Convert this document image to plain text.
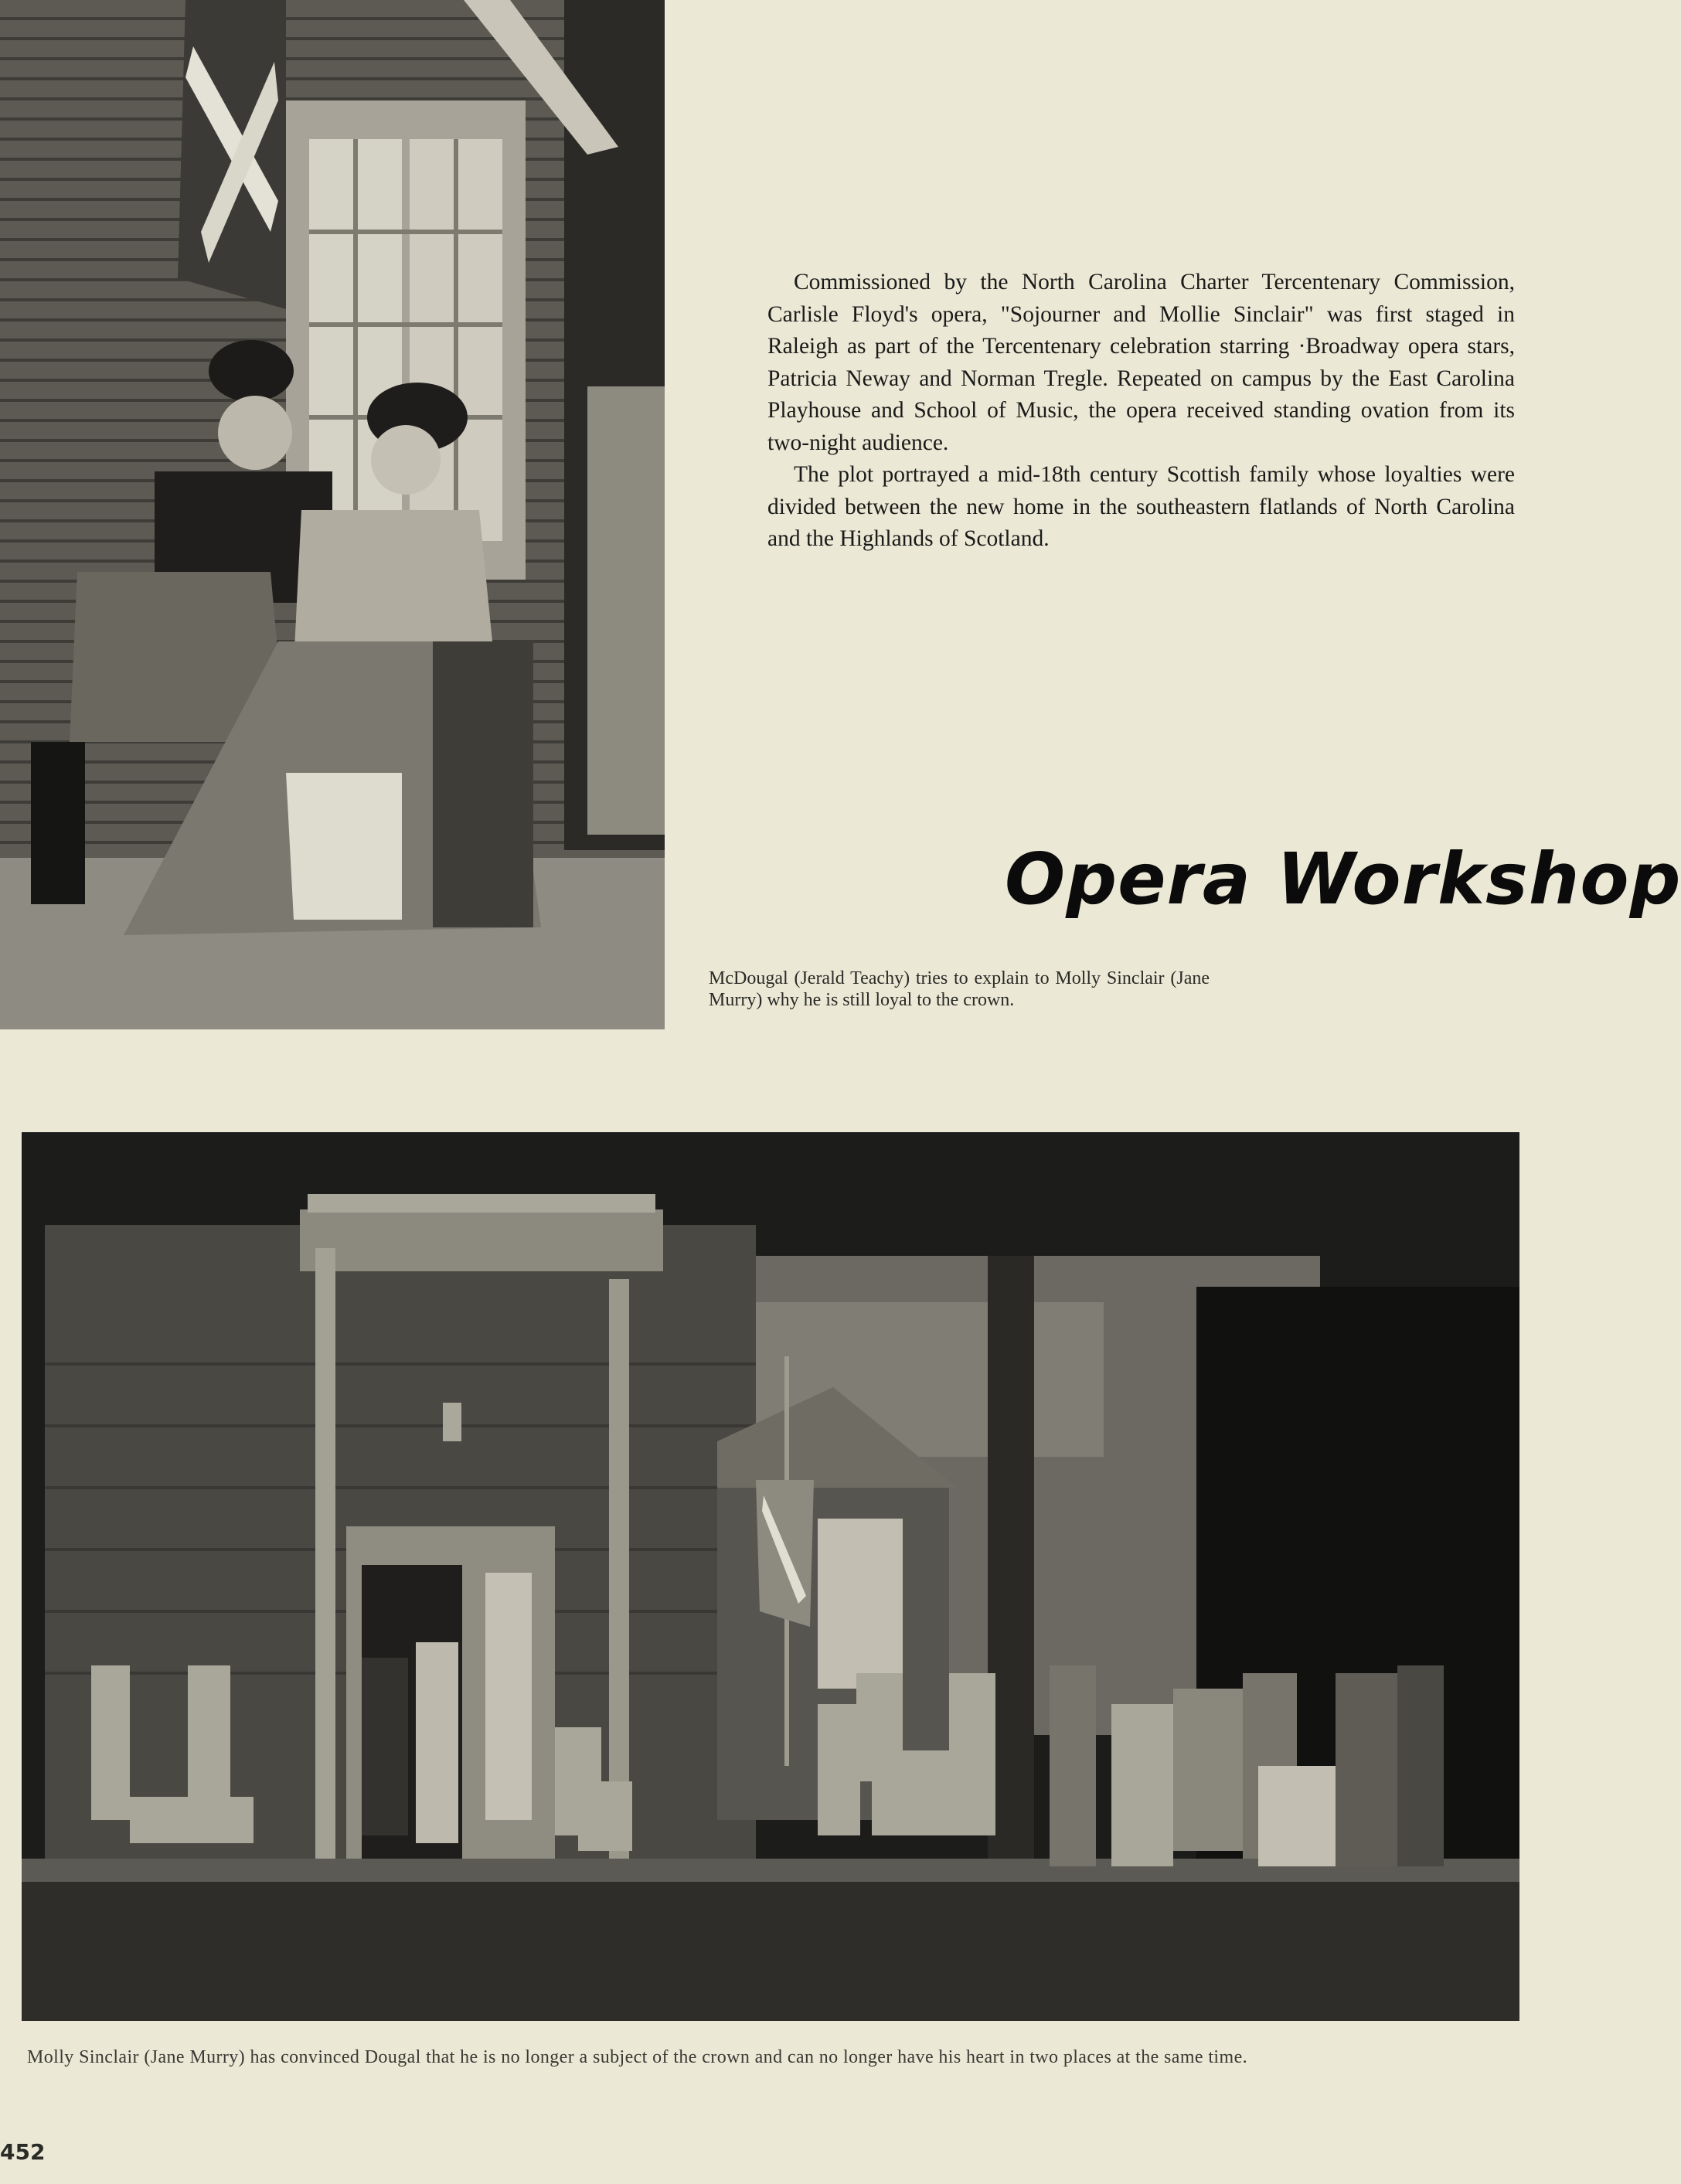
Commissioned by the North Carolina Charter Tercentenary Commission, Carlisle Floyd's opera, "Sojourner and Mollie Sinclair" was first staged in Raleigh as part of the Tercentenary celebration starring ·Broadway opera stars, Patricia Neway and Norman Tregle. Repeated on campus by the East Carolina Playhouse and School of Music, the opera received standing ovation from its two-night audience.

The plot portrayed a mid-18th century Scottish family whose loyalties were divided between the new home in the southeastern flatlands of North Carolina and the Highlands of Scotland.

Opera Workshop
McDougal (Jerald Teachy) tries to explain to Molly Sinclair (Jane Murry) why he is still loyal to the crown.
Molly Sinclair (Jane Murry) has convinced Dougal that he is no longer a subject of the crown and can no longer have his heart in two places at the same time.
452
